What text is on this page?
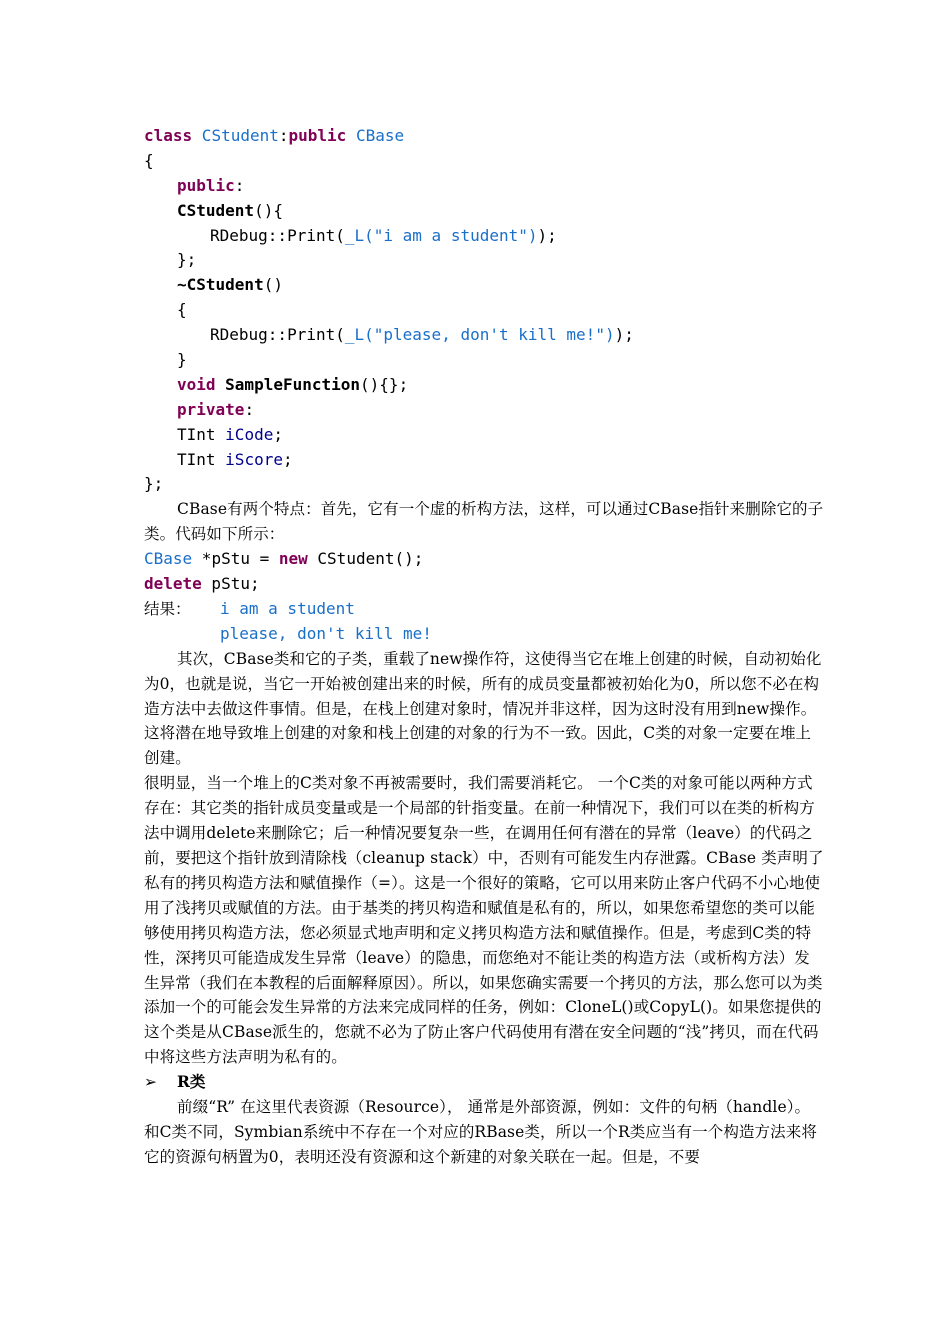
class CStudent:public CBase
{
public:
CStudent(){
RDebug::Print(_L("i am a student"));
};
~CStudent()
{
RDebug::Print(_L("please, don't kill me!"));
}
void SampleFunction(){};
private:
TInt iCode;
TInt iScore;
};
CBase有两个特点：首先，它有一个虚的析构方法，这样，可以通过CBase指针来删除它的子类。代码如下所示：
CBase *pStu = new CStudent();
delete pStu;
结果：	i am a student
please, don't kill me!
其次，CBase类和它的子类，重载了new操作符，这使得当它在堆上创建的时候，自动初始化为0，也就是说，当它一开始被创建出来的时候，所有的成员变量都被初始化为0，所以您不必在构造方法中去做这件事情。但是，在栈上创建对象时，情况并非这样，因为这时没有用到new操作。这将潜在地导致堆上创建的对象和栈上创建的对象的行为不一致。因此，C类的对象一定要在堆上创建。
很明显，当一个堆上的C类对象不再被需要时，我们需要消耗它。 一个C类的对象可能以两种方式存在：其它类的指针成员变量或是一个局部的针指变量。在前一种情况下，我们可以在类的析构方法中调用delete来删除它；后一种情况要复杂一些，在调用任何有潜在的异常（leave）的代码之前，要把这个指针放到清除栈（cleanup stack）中，否则有可能发生内存泄露。CBase 类声明了私有的拷贝构造方法和赋值操作（=）。这是一个很好的策略，它可以用来防止客户代码不小心地使用了浅拷贝或赋值的方法。由于基类的拷贝构造和赋值是私有的，所以，如果您希望您的类可以能够使用拷贝构造方法，您必须显式地声明和定义拷贝构造方法和赋值操作。但是，考虑到C类的特性，深拷贝可能造成发生异常（leave）的隐患，而您绝对不能让类的构造方法（或析构方法）发生异常（我们在本教程的后面解释原因）。所以，如果您确实需要一个拷贝的方法，那么您可以为类添加一个的可能会发生异常的方法来完成同样的任务，例如：CloneL()或CopyL()。如果您提供的这个类是从CBase派生的，您就不必为了防止客户代码使用有潜在安全问题的“浅”拷贝，而在代码中将这些方法声明为私有的。
➢	R类
前缀“R” 在这里代表资源（Resource）， 通常是外部资源，例如：文件的句柄（handle）。
和C类不同，Symbian系统中不存在一个对应的RBase类，所以一个R类应当有一个构造方法来将它的资源句柄置为0，表明还没有资源和这个新建的对象关联在一起。但是，不要
